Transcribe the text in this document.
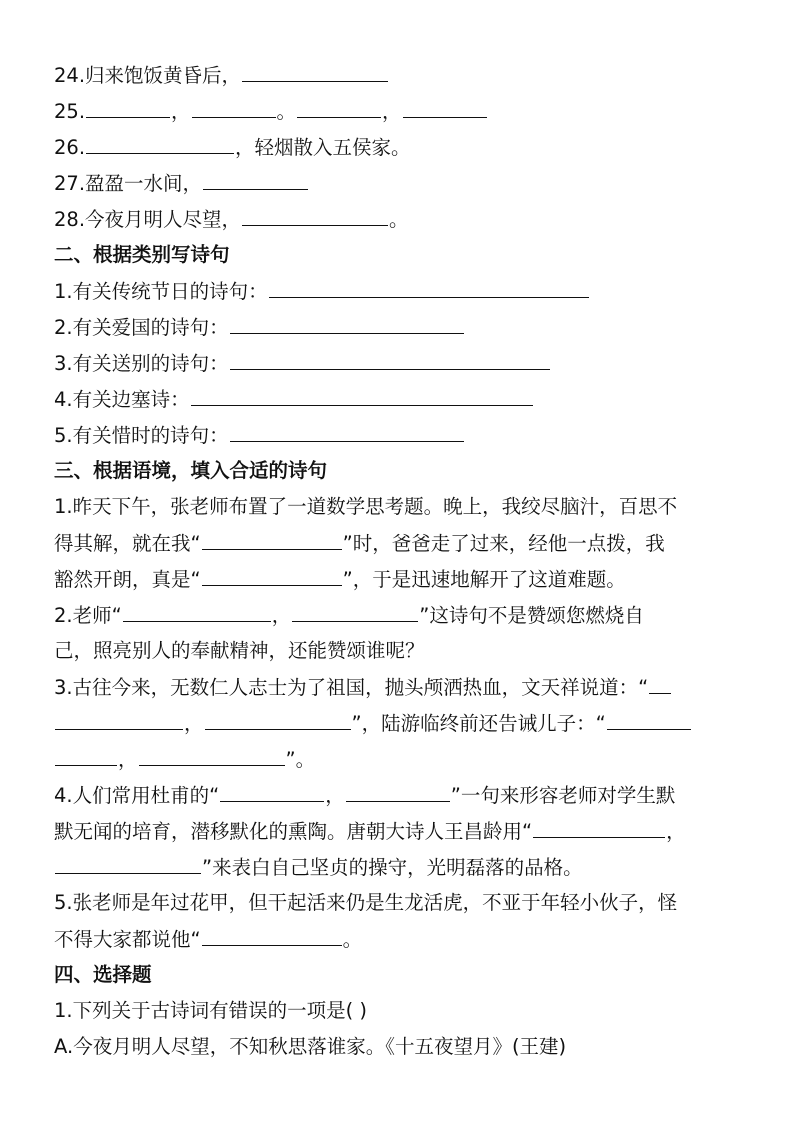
24.归来饱饭黄昏后，
25.	，	。	，
26.	，轻烟散入五侯家。
27.盈盈一水间，
28.今夜月明人尽望，	。
二、根据类别写诗句
1.有关传统节日的诗句：
2.有关爱国的诗句：
3.有关送别的诗句：
4.有关边塞诗：
5.有关惜时的诗句：
三、根据语境，填入合适的诗句
1.昨天下午，张老师布置了一道数学思考题。晚上，我绞尽脑汁，百思不
得其解，就在我“	”时，爸爸走了过来，经他一点拨，我
豁然开朗，真是“	”，于是迅速地解开了这道难题。
2.老师“	，	”这诗句不是赞颂您燃烧自
己，照亮别人的奉献精神，还能赞颂谁呢？
3.古往今来，无数仁人志士为了祖国，抛头颅洒热血，文天祥说道：“
，	”，陆游临终前还告诫儿子：“
，	”。
4.人们常用杜甫的“	，	”一句来形容老师对学生默
默无闻的培育，潜移默化的熏陶。唐朝大诗人王昌龄用“	，
”来表白自己坚贞的操守，光明磊落的品格。
5.张老师是年过花甲，但干起活来仍是生龙活虎，不亚于年轻小伙子，怪
不得大家都说他“	。
四、选择题
1.下列关于古诗词有错误的一项是( )
A.今夜月明人尽望，不知秋思落谁家。《十五夜望月》(王建)
